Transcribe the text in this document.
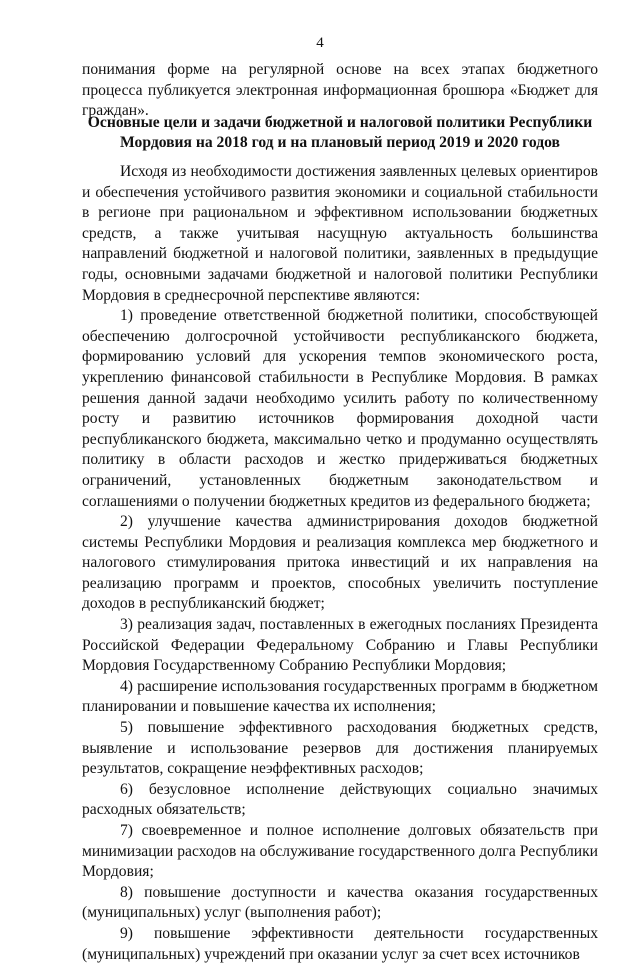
4

понимания форме на регулярной основе на всех этапах бюджетного процесса публикуется электронная информационная брошюра «Бюджет для граждан».

Основные цели и задачи бюджетной и налоговой политики Республики Мордовия на 2018 год и на плановый период 2019 и 2020 годов

Исходя из необходимости достижения заявленных целевых ориентиров и обеспечения устойчивого развития экономики и социальной стабильности в регионе при рациональном и эффективном использовании бюджетных средств, а также учитывая насущную актуальность большинства направлений бюджетной и налоговой политики, заявленных в предыдущие годы, основными задачами бюджетной и налоговой политики Республики Мордовия в среднесрочной перспективе являются:

1) проведение ответственной бюджетной политики, способствующей обеспечению долгосрочной устойчивости республиканского бюджета, формированию условий для ускорения темпов экономического роста, укреплению финансовой стабильности в Республике Мордовия. В рамках решения данной задачи необходимо усилить работу по количественному росту и развитию источников формирования доходной части республиканского бюджета, максимально четко и продуманно осуществлять политику в области расходов и жестко придерживаться бюджетных ограничений, установленных бюджетным законодательством и соглашениями о получении бюджетных кредитов из федерального бюджета;

2) улучшение качества администрирования доходов бюджетной системы Республики Мордовия и реализация комплекса мер бюджетного и налогового стимулирования притока инвестиций и их направления на реализацию программ и проектов, способных увеличить поступление доходов в республиканский бюджет;

3) реализация задач, поставленных в ежегодных посланиях Президента Российской Федерации Федеральному Собранию и Главы Республики Мордовия Государственному Собранию Республики Мордовия;

4) расширение использования государственных программ в бюджетном планировании и повышение качества их исполнения;

5) повышение эффективного расходования бюджетных средств, выявление и использование резервов для достижения планируемых результатов, сокращение неэффективных расходов;

6) безусловное исполнение действующих социально значимых расходных обязательств;

7) своевременное и полное исполнение долговых обязательств при минимизации расходов на обслуживание государственного долга Республики Мордовия;

8) повышение доступности и качества оказания государственных (муниципальных) услуг (выполнения работ);

9) повышение эффективности деятельности государственных (муниципальных) учреждений при оказании услуг за счет всех источников
